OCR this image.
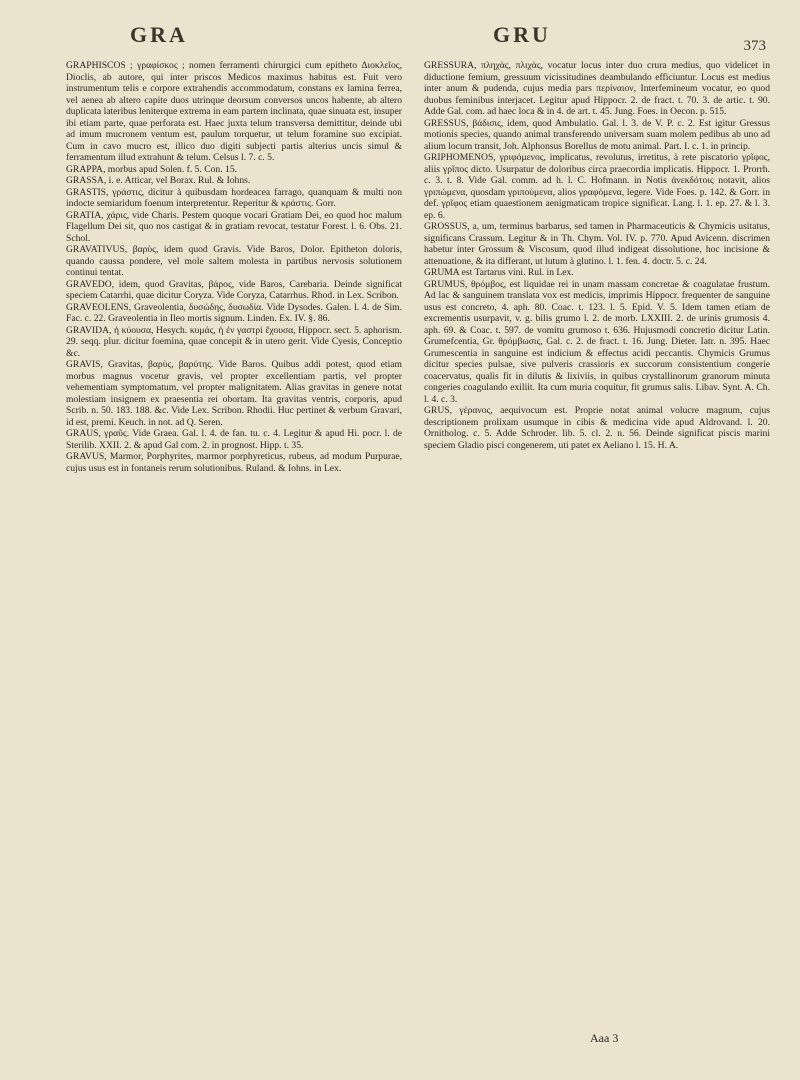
GRA	GRU	373

GRAPHISCOS ; γραφίσκος ; nomen ferramenti chirurgici cum epitheto Διοκλεῖος, Dioclis, ab autore, qui inter priscos Medicos maximus habitus est. Fuit vero instrumentum telis e corpore extrahendis accommodatum, constans ex lamina ferrea, vel aenea ab altero capite duos utrinque deorsum conversos uncos habente, ab altero duplicata lateribus leniterque extrema in eam partem inclinata, quae sinuata est, insuper ibi etiam parte, quae perforata est. Haec juxta telum transversa demittitur, deinde ubi ad imum mucronem ventum est, paulum torquetur, ut telum foramine suo excipiat. Cum in cavo mucro est, illico duo digiti subjecti partis alterius uncis simul & ferramentum illud extrahunt & telum. Celsus l. 7. c. 5.

GRAPPA, morbus apud Solen. f. 5. Con. 15.

GRASSA, i. e. Atticar, vel Borax. Rul. & Iohns.

GRASTIS, γράστις, dicitur à quibusdam hordeacea farrago, quanquam & multi non indocte semiaridum foenum interpretentur. Reperitur & κράστις. Gorr.

GRATIA, χάρις, vide Charis. Pestem quoque vocari Gratiam Dei, eo quod hoc malum Flagellum Dei sit, quo nos castigat & in gratiam revocat, testatur Forest. l. 6. Obs. 21. Schol.

GRAVATIVUS, βαρὺς, idem quod Gravis. Vide Baros, Dolor. Epitheton doloris, quando caussa pondere, vel mole saltem molesta in partibus nervosis solutionem continui tentat.

GRAVEDO, idem, quod Gravitas, βάρος, vide Baros, Carebaria. Deinde significat speciem Catarrhi, quae dicitur Coryza. Vide Coryza, Catarrhus. Rhod. in Lex. Scribon.

GRAVEOLENS, Graveolentia, δυσώδης, δυσωδία. Vide Dysodes. Galen. l. 4. de Sim. Fac. c. 22. Graveolentia in Ileo mortis signum. Linden. Ex. IV. §. 86.

GRAVIDA, ἡ κύουσα, Hesych. κυμάς, ἡ ἐν γαστρὶ ἔχουσα, Hippocr. sect. 5. aphorism. 29. seqq. plur. dicitur foemina, quae concepit & in utero gerit. Vide Cyesis, Conceptio &c.

GRAVIS, Gravitas, βαρὺς, βαρύτης. Vide Baros. Quibus addi potest, quod etiam morbus magnus vocetur gravis, vel propter excellentiam partis, vel propter vehementiam symptomatum, vel propter malignitatem. Alias gravitas in genere notat molestiam insignem ex praesentia rei obortam. Ita gravitas ventris, corporis, apud Scrib. n. 50. 183. 188. &c. Vide Lex. Scribon. Rhodii. Huc pertinet & verbum Gravari, id est, premi. Keuch. in not. ad Q. Seren.

GRAUS, γραῦς. Vide Graea. Gal. l. 4. de fan. tu. c. 4. Legitur & apud Hi. pocr. l. de Sterilib. XXII. 2. & apud Gal com. 2. in prognost. Hipp. t. 35.

GRAVUS, Marmor, Porphyrites, marmor porphyreticus, rubeus, ad modum Purpurae, cujus usus est in fontaneis rerum solutionibus. Ruland. & Iohns. in Lex.

GRESSURA, πληχὰς, πλιχὰς, vocatur locus inter duo crura medius, quo videlicet in diductione femium, gressuum vicissitudines deambulando efficiuntur. Locus est medius inter anum & pudenda, cujus media pars περίναιον, Interfemineum vocatur, eo quod duobus feminibus interjacet. Legitur apud Hippocr. 2. de fract. t. 70. 3. de artic. t. 90. Adde Gal. com. ad haec loca & in 4. de art. t. 45. Jung. Foes. in Oecon. p. 515.

GRESSUS, βάδισις, idem, quod Ambulatio. Gal. l. 3. de V. P. c. 2. Est igitur Gressus motionis species, quando animal transferendo universam suam molem pedibus ab uno ad alium locum transit, Joh. Alphonsus Borellus de motu animal. Part. I. c. 1. in princip.

GRIPHOMENOS, γριφόμενος, implicatus, revolutus, irretitus, à rete piscatorio γρῖφος, aliis γρῖπος dicto. Usurpatur de doloribus circa praecordia implicatis. Hippocr. 1. Prorrh. c. 3. t. 8. Vide Gal. comm. ad h. l. C. Hofmann. in Notis ἀνεκδότοις notavit, alios γριπώμενα, quosdam γριπούμενα, alios γραφόμενα, legere. Vide Foes. p. 142. & Gorr. in def. γρῖφος etiam quaestionem aenigmaticam tropice significat. Lang. l. 1. ep. 27. & l. 3. ep. 6.

GROSSUS, a, um, terminus barbarus, sed tamen in Pharmaceuticis & Chymicis usitatus, significans Crassum. Legitur & in Th. Chym. Vol. IV. p. 770. Apud Avicenn. discrimen habetur inter Grossum & Viscosum, quod illud indigeat dissolutione, hoc incisione & attenuatione, & ita differant, ut lutum à glutino. l. 1. fen. 4. doctr. 5. c. 24.

GRUMA est Tartarus vini. Rul. in Lex.

GRUMUS, θρόμβος, est liquidae rei in unam massam concretae & coagulatae frustum. Ad lac & sanguinem translata vox est medicis, imprimis Hippocr. frequenter de sanguine usus est concreto, 4. aph. 80. Coac. t. 123. l. 5. Epid. V. 5. Idem tamen etiam de excrementis usurpavit, v. g. bilis grumo l. 2. de morb. LXXIII. 2. de urinis grumosis 4. aph. 69. & Coac. t. 597. de vomitu grumoso t. 636. Hujusmodi concretio dicitur Latin. Grumefcentia, Gr. θρόμβωσις, Gal. c. 2. de fract. t. 16. Jung. Dieter. Iatr. n. 395. Haec Grumescentia in sanguine est indicium & effectus acidi peccantis. Chymicis Grumus dicitur species pulsae, sive pulveris crassioris ex succorum consistentium congerie coacervatus, qualis fit in dilutis & lixiviis, in quibus crystallinorum granorum minuta congeries coagulando exiliit. Ita cum muria coquitur, fit grumus salis. Libav. Synt. A. Ch. l. 4. c. 3.

GRUS, γέρανος, aequivocum est. Proprie notat animal volucre magnum, cujus descriptionem prolixam usumque in cibis & medicina vide apud Aldrovand. l. 20. Ornitholog. c. 5. Adde Schroder. lib. 5. cl. 2. n. 56. Deinde significat piscis marini speciem Gladio pisci congenerem, uti patet ex Aeliano l. 15. H. A.

Aaa 3
